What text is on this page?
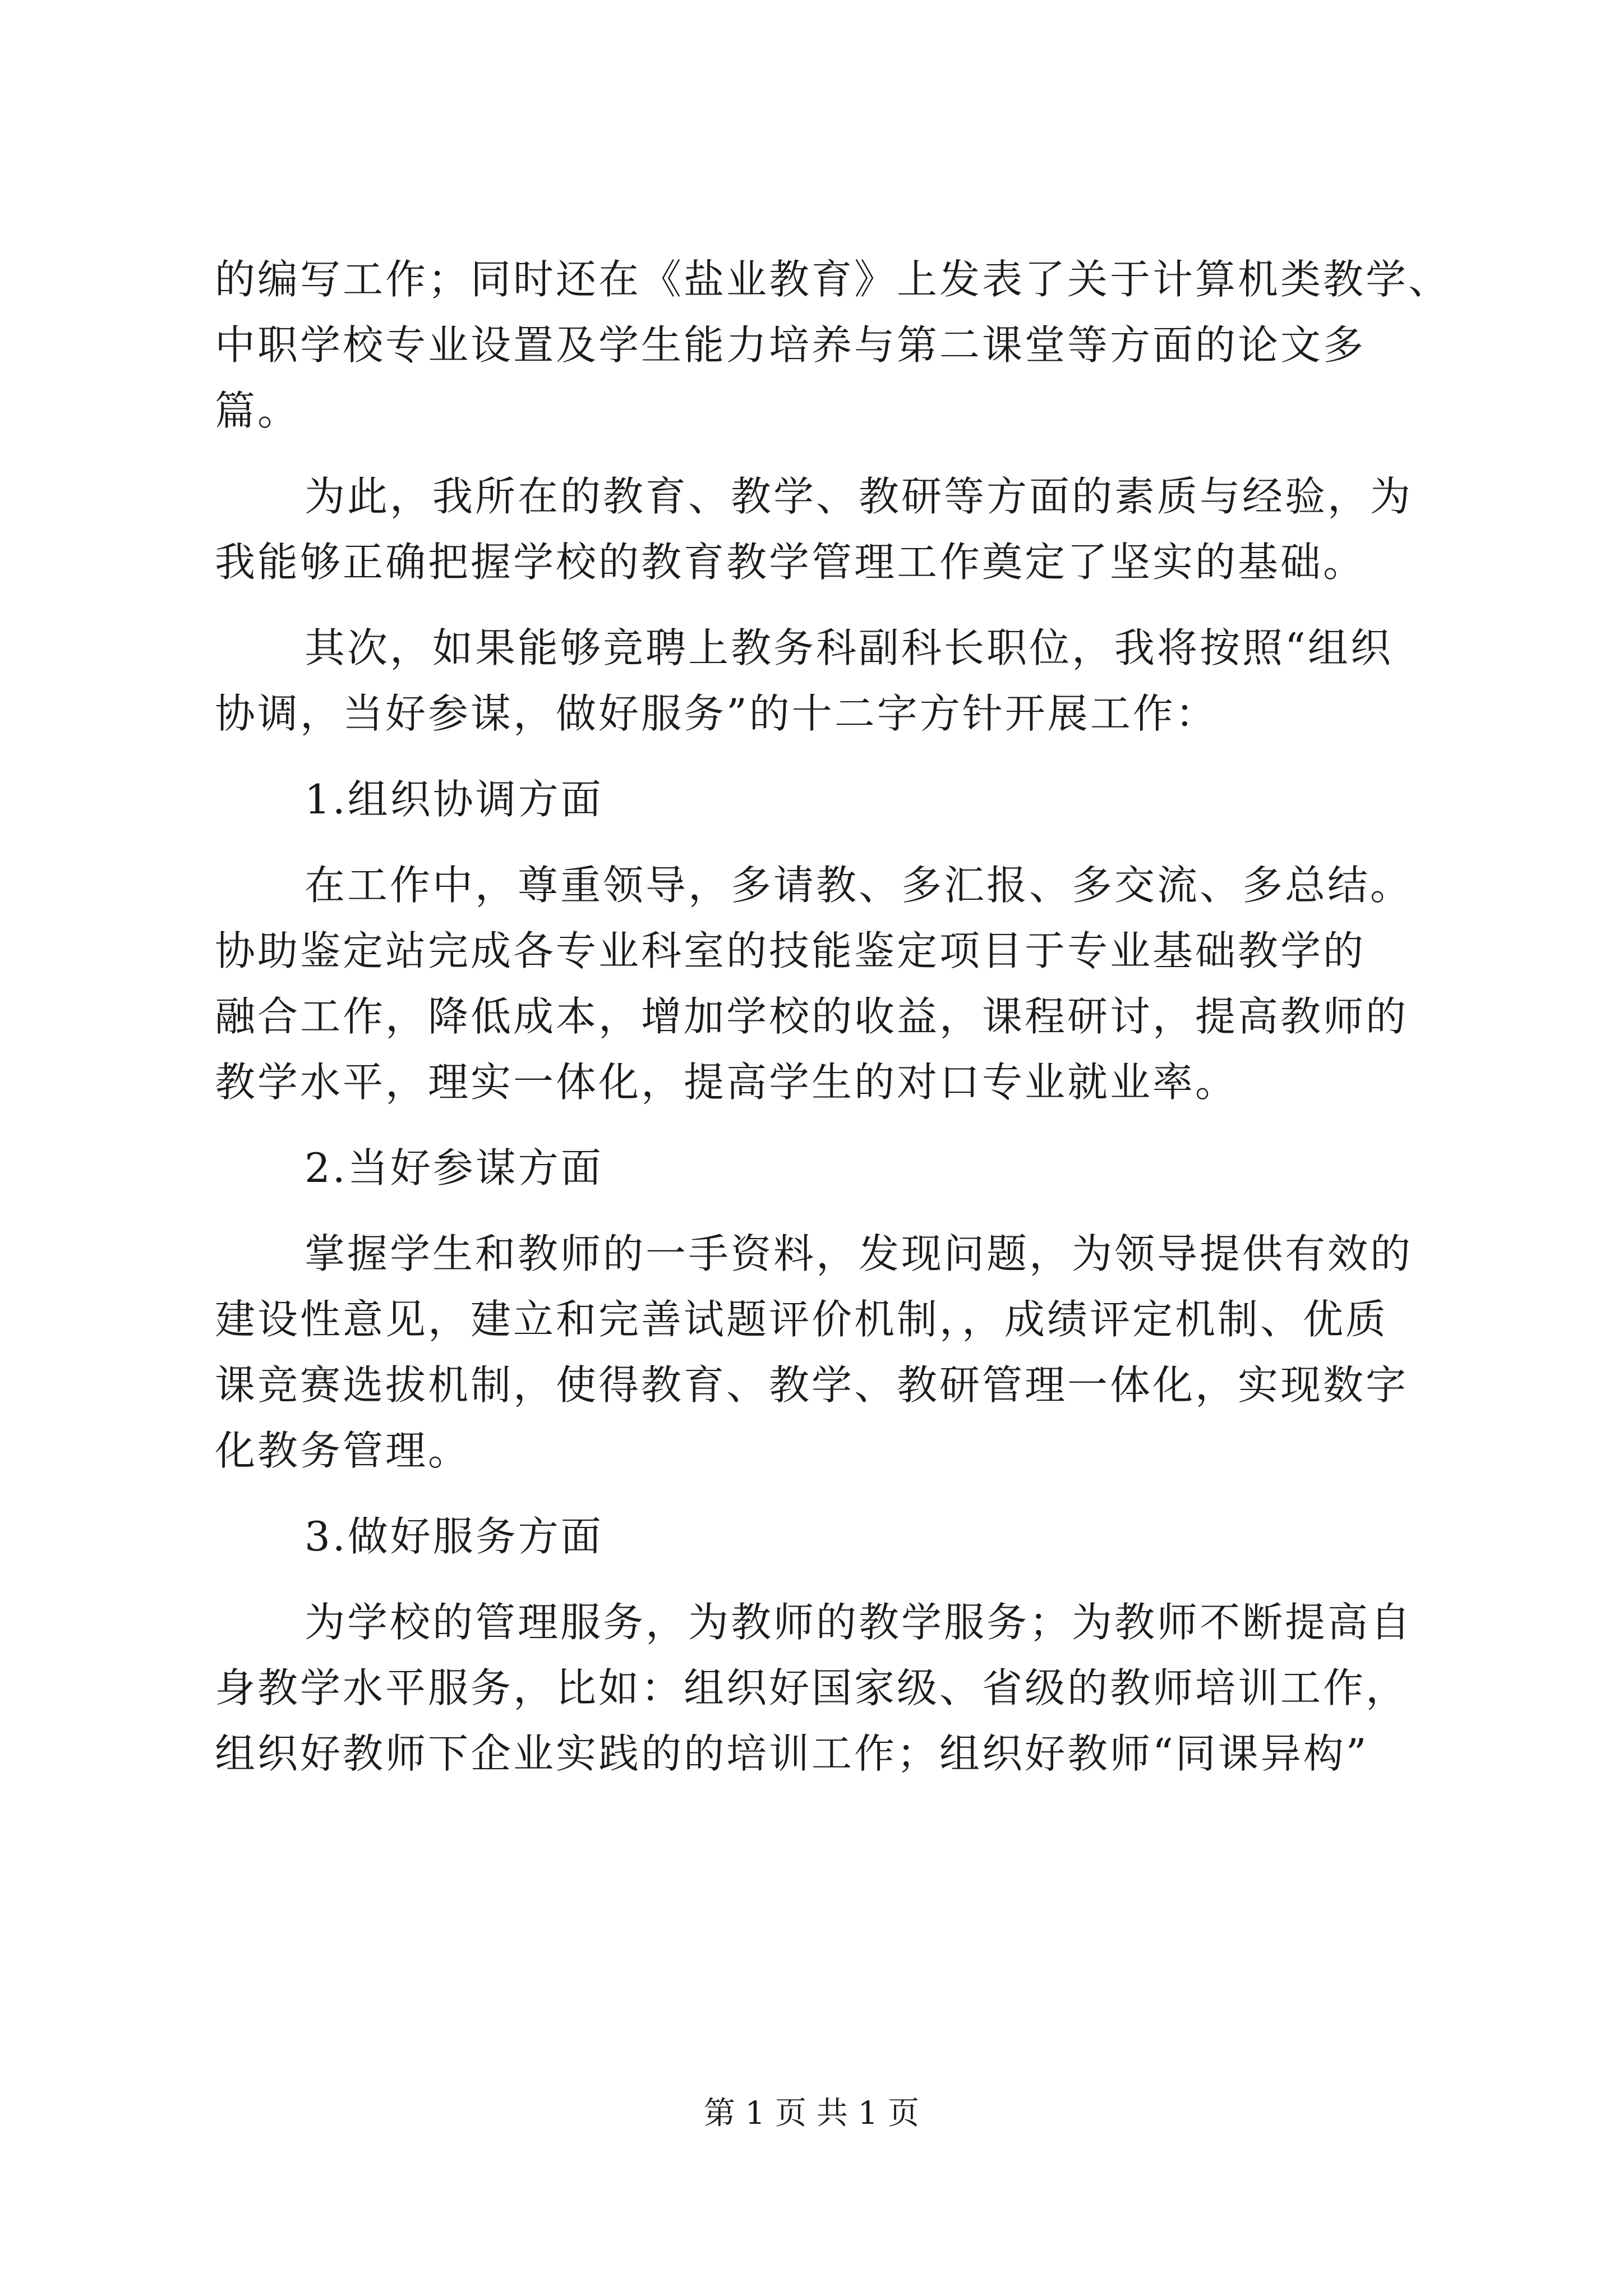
的编写工作；同时还在《盐业教育》上发表了关于计算机类教学、
中职学校专业设置及学生能力培养与第二课堂等方面的论文多
篇。
为此，我所在的教育、教学、教研等方面的素质与经验，为
我能够正确把握学校的教育教学管理工作奠定了坚实的基础。
其次，如果能够竞聘上教务科副科长职位，我将按照“组织
协调，当好参谋，做好服务”的十二字方针开展工作：
1.组织协调方面
在工作中，尊重领导，多请教、多汇报、多交流、多总结。
协助鉴定站完成各专业科室的技能鉴定项目于专业基础教学的
融合工作，降低成本，增加学校的收益，课程研讨，提高教师的
教学水平，理实一体化，提高学生的对口专业就业率。
2.当好参谋方面
掌握学生和教师的一手资料，发现问题，为领导提供有效的
建设性意见，建立和完善试题评价机制，，成绩评定机制、优质
课竞赛选拔机制，使得教育、教学、教研管理一体化，实现数字
化教务管理。
3.做好服务方面
为学校的管理服务，为教师的教学服务；为教师不断提高自
身教学水平服务，比如：组织好国家级、省级的教师培训工作，
组织好教师下企业实践的的培训工作；组织好教师“同课异构”
第 1 页 共 1 页
